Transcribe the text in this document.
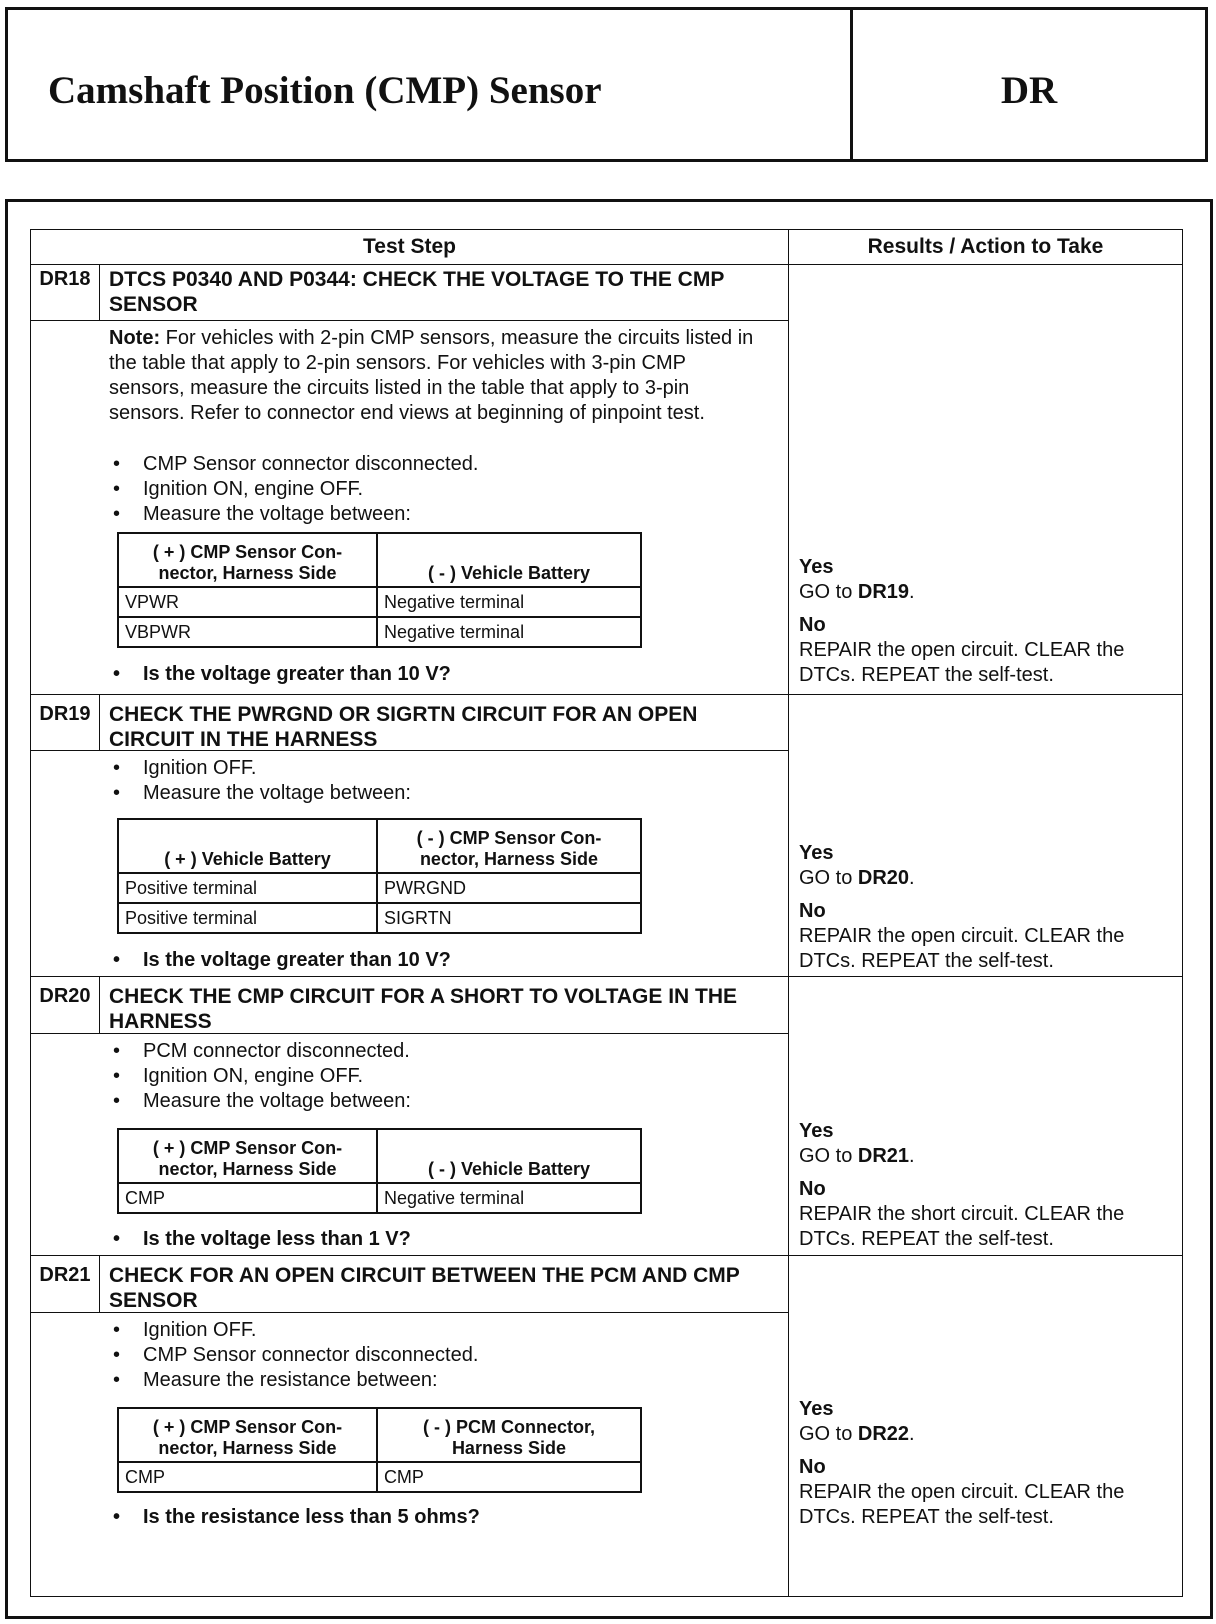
Camshaft Position (CMP) Sensor	DR
Test Step	Results / Action to Take
DR18 DTCS P0340 AND P0344: CHECK THE VOLTAGE TO THE CMP SENSOR
Note: For vehicles with 2-pin CMP sensors, measure the circuits listed in the table that apply to 2-pin sensors. For vehicles with 3-pin CMP sensors, measure the circuits listed in the table that apply to 3-pin sensors. Refer to connector end views at beginning of pinpoint test.
• CMP Sensor connector disconnected.
• Ignition ON, engine OFF.
• Measure the voltage between:
( + ) CMP Sensor Con-
nector, Harness Side	( - ) Vehicle Battery
VPWR	Negative terminal
VBPWR	Negative terminal
• Is the voltage greater than 10 V?
Yes
GO to DR19.
No
REPAIR the open circuit. CLEAR the DTCs. REPEAT the self-test.
DR19 CHECK THE PWRGND OR SIGRTN CIRCUIT FOR AN OPEN CIRCUIT IN THE HARNESS
• Ignition OFF.
• Measure the voltage between:
( + ) Vehicle Battery	( - ) CMP Sensor Con-
nector, Harness Side
Positive terminal	PWRGND
Positive terminal	SIGRTN
• Is the voltage greater than 10 V?
Yes
GO to DR20.
No
REPAIR the open circuit. CLEAR the DTCs. REPEAT the self-test.
DR20 CHECK THE CMP CIRCUIT FOR A SHORT TO VOLTAGE IN THE HARNESS
• PCM connector disconnected.
• Ignition ON, engine OFF.
• Measure the voltage between:
( + ) CMP Sensor Con-
nector, Harness Side	( - ) Vehicle Battery
CMP	Negative terminal
• Is the voltage less than 1 V?
Yes
GO to DR21.
No
REPAIR the short circuit. CLEAR the DTCs. REPEAT the self-test.
DR21 CHECK FOR AN OPEN CIRCUIT BETWEEN THE PCM AND CMP SENSOR
• Ignition OFF.
• CMP Sensor connector disconnected.
• Measure the resistance between:
( + ) CMP Sensor Con-
nector, Harness Side	( - ) PCM Connector,
Harness Side
CMP	CMP
• Is the resistance less than 5 ohms?
Yes
GO to DR22.
No
REPAIR the open circuit. CLEAR the DTCs. REPEAT the self-test.
